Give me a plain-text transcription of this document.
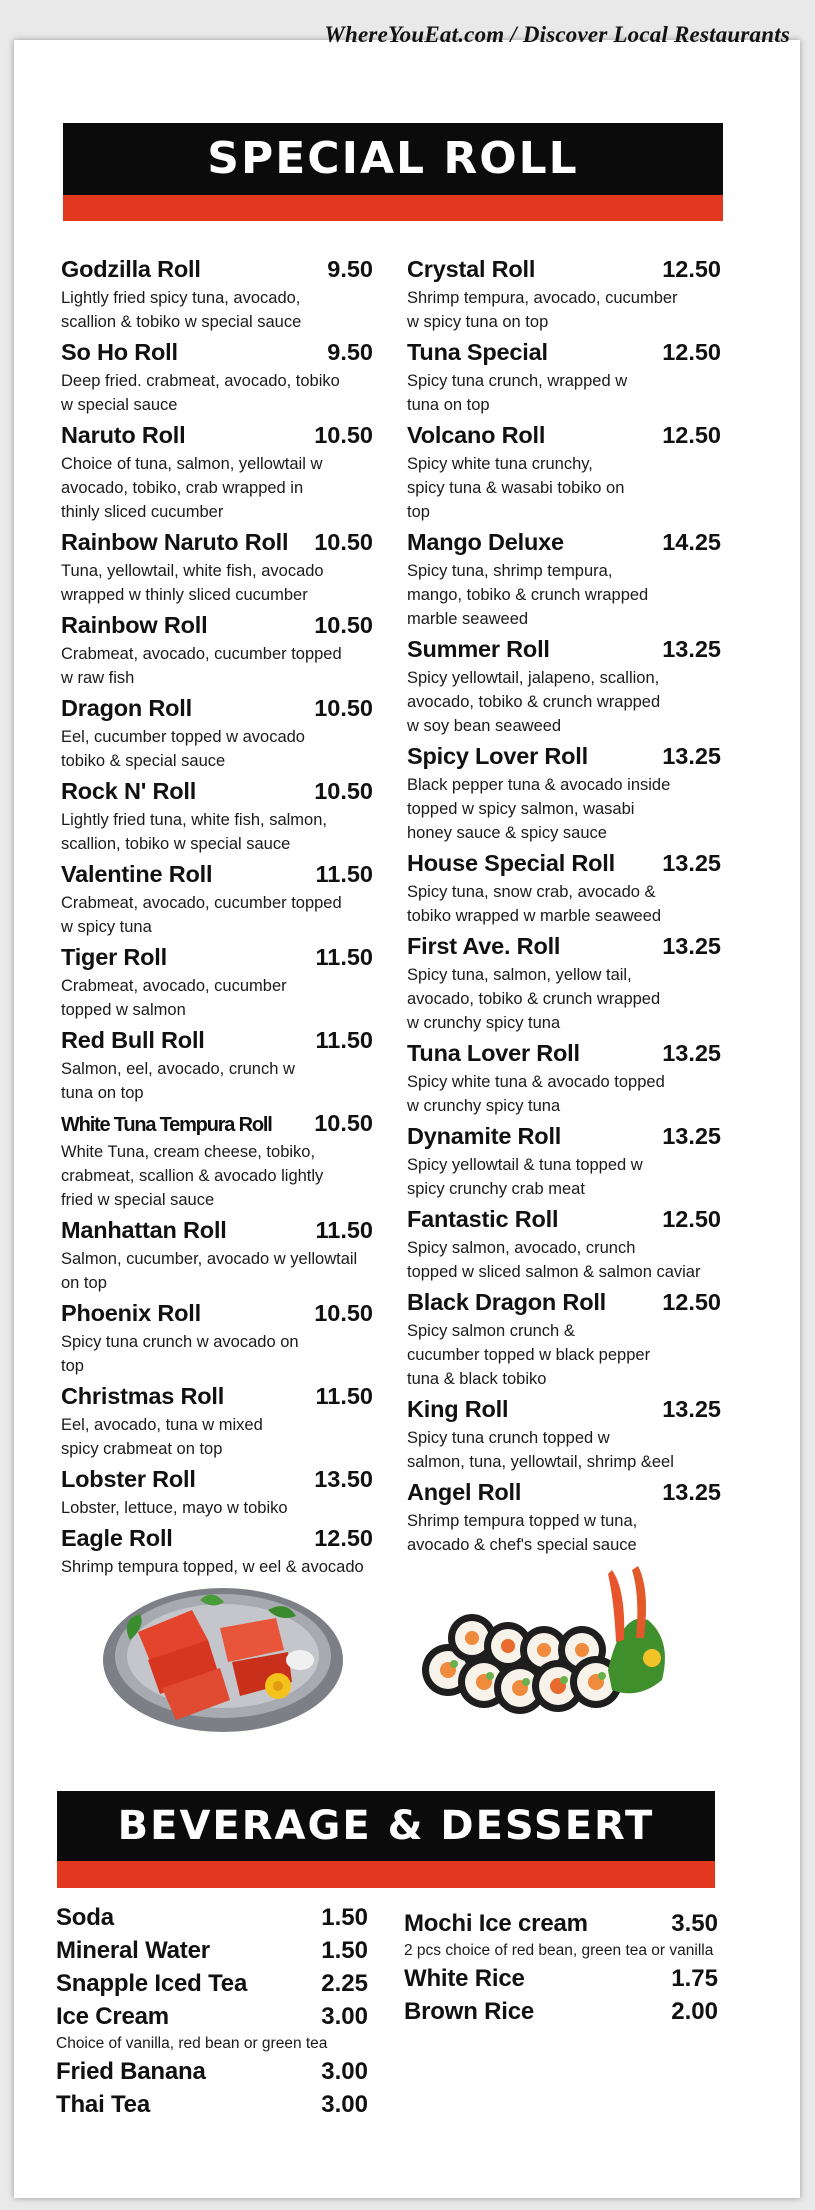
WhereYouEat.com / Discover Local Restaurants
SPECIAL ROLL
Godzilla Roll	9.50
Lightly fried spicy tuna, avocado,
scallion & tobiko w special sauce
So Ho Roll	9.50
Deep fried. crabmeat, avocado, tobiko
w special sauce
Naruto Roll	10.50
Choice of tuna, salmon, yellowtail w
avocado, tobiko, crab wrapped in
thinly sliced cucumber
Rainbow Naruto Roll 10.50
Tuna, yellowtail, white fish, avocado
wrapped w thinly sliced cucumber
Rainbow Roll	10.50
Crabmeat, avocado, cucumber topped
w raw fish
Dragon Roll	10.50
Eel, cucumber topped w avocado
tobiko & special sauce
Rock N' Roll	10.50
Lightly fried tuna, white fish, salmon,
scallion, tobiko w special sauce
Valentine Roll	11.50
Crabmeat, avocado, cucumber topped
w spicy tuna
Tiger Roll	11.50
Crabmeat, avocado, cucumber
topped w salmon
Red Bull Roll	11.50
Salmon, eel, avocado, crunch w
tuna on top
White Tuna Tempura Roll 10.50
White Tuna, cream cheese, tobiko,
crabmeat, scallion & avocado lightly
fried w special sauce
Manhattan Roll	11.50
Salmon, cucumber, avocado w yellowtail
on top
Phoenix Roll	10.50
Spicy tuna crunch w avocado on
top
Christmas Roll	11.50
Eel, avocado, tuna w mixed
spicy crabmeat on top
Lobster Roll	13.50
Lobster, lettuce, mayo w tobiko
Eagle Roll	12.50
Shrimp tempura topped, w eel & avocado
Crystal Roll	12.50
Shrimp tempura, avocado, cucumber
w spicy tuna on top
Tuna Special	12.50
Spicy tuna crunch, wrapped w
tuna on top
Volcano Roll	12.50
Spicy white tuna crunchy,
spicy tuna & wasabi tobiko on
top
Mango Deluxe	14.25
Spicy tuna, shrimp tempura,
mango, tobiko & crunch wrapped
marble seaweed
Summer Roll	13.25
Spicy yellowtail, jalapeno, scallion,
avocado, tobiko & crunch wrapped
w soy bean seaweed
Spicy Lover Roll	13.25
Black pepper tuna & avocado inside
topped w spicy salmon, wasabi
honey sauce & spicy sauce
House Special Roll 13.25
Spicy tuna, snow crab, avocado &
tobiko wrapped w marble seaweed
First Ave. Roll	13.25
Spicy tuna, salmon, yellow tail,
avocado, tobiko & crunch wrapped
w crunchy spicy tuna
Tuna Lover Roll	13.25
Spicy white tuna & avocado topped
w crunchy spicy tuna
Dynamite Roll	13.25
Spicy yellowtail & tuna topped w
spicy crunchy crab meat
Fantastic Roll	12.50
Spicy salmon, avocado, crunch
topped w sliced salmon & salmon caviar
Black Dragon Roll 12.50
Spicy salmon crunch &
cucumber topped w black pepper
tuna & black tobiko
King Roll	13.25
Spicy tuna crunch topped w
salmon, tuna, yellowtail, shrimp &eel
Angel Roll	13.25
Shrimp tempura topped w tuna,
avocado & chef's special sauce
BEVERAGE & DESSERT
Soda	1.50
Mineral Water	1.50
Snapple Iced Tea	2.25
Ice Cream	3.00
Choice of vanilla, red bean or green tea
Fried Banana	3.00
Thai Tea	3.00
Mochi Ice cream	3.50
2 pcs choice of red bean, green tea or vanilla
White Rice	1.75
Brown Rice	2.00
